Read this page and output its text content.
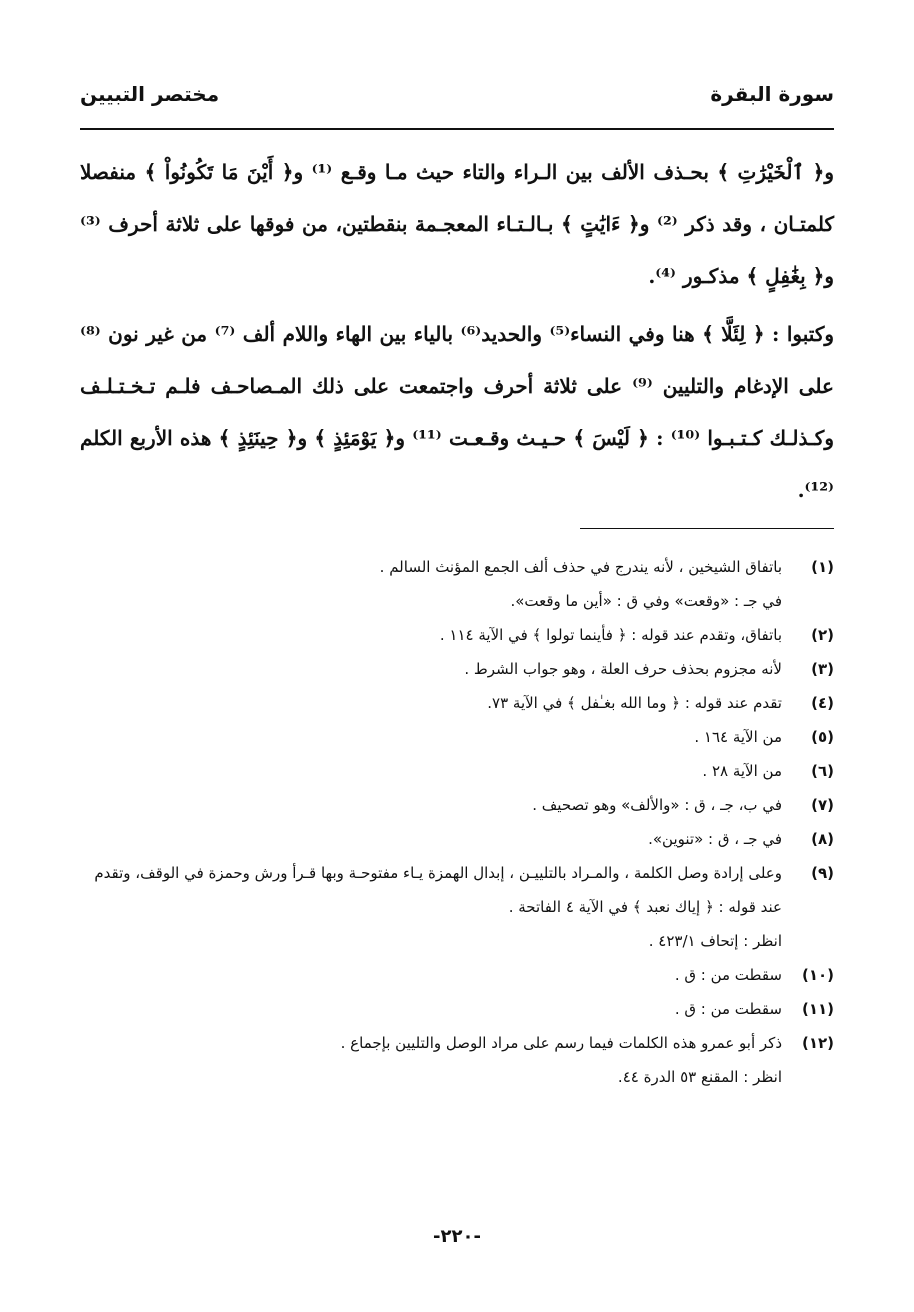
سورة البقرة
مختصر التبيين

و﴿ ٱلْخَيْرَٰتِ ﴾ بحـذف الألف بين الـراء والتاء حيث مـا وقـع ⁽¹⁾ و﴿ أَيْنَ مَا تَكُونُواْ ﴾ منفصلا كلمتـان ، وقد ذكر ⁽²⁾ و﴿ ءَايَٰتٍ ﴾ بـالـتـاء المعجـمة بنقطتين، من فوقها على ثلاثة أحرف ⁽³⁾ و﴿ بِغَٰفِلٍ ﴾ مذكـور ⁽⁴⁾.

وكتبوا : ﴿ لِئَلَّا ﴾ هنا وفي النساء⁽⁵⁾ والحديد⁽⁶⁾ بالياء بين الهاء واللام ألف ⁽⁷⁾ من غير نون ⁽⁸⁾ على الإدغام والتليين ⁽⁹⁾ على ثلاثة أحرف واجتمعت على ذلك المـصاحـف فلـم تـخـتـلـف وكـذلـك كـتـبـوا ⁽¹⁰⁾ : ﴿ لَيْسَ ﴾ حـيـث وقـعـت ⁽¹¹⁾ و﴿ يَوْمَئِذٍ ﴾ و﴿ حِينَئِذٍ ﴾ هذه الأربع الكلم ⁽¹²⁾.

(١)
باتفاق الشيخين ، لأنه يندرج في حذف ألف الجمع المؤنث السالم .
في جـ : «وقعت» وفي ق : «أين ما وقعت».
(٢)
باتفاق، وتقدم عند قوله : ﴿ فأينما تولوا ﴾ في الآية ١١٤ .
(٣)
لأنه مجزوم بحذف حرف العلة ، وهو جواب الشرط .
(٤)
تقدم عند قوله : ﴿ وما الله بغـٰفل ﴾ في الآية ٧٣.
(٥)
من الآية ١٦٤ .
(٦)
من الآية ٢٨ .
(٧)
في ب، جـ ، ق : «والألف» وهو تصحيف .
(٨)
في جـ ، ق : «تنوين».
(٩)
وعلى إرادة وصل الكلمة ، والمـراد بالتلييـن ، إبدال الهمزة يـاء مفتوحـة وبها قـرأ ورش وحمزة في الوقف، وتقدم عند قوله : ﴿ إياك نعبد ﴾ في الآية ٤ الفاتحة .
انظر : إتحاف ٤٢٣/١ .
(١٠)
سقطت من : ق .
(١١)
سقطت من : ق .
(١٢)
ذكر أبو عمرو هذه الكلمات فيما رسم على مراد الوصل والتليين بإجماع .
انظر : المقنع ٥٣ الدرة ٤٤.
-٢٢٠-
